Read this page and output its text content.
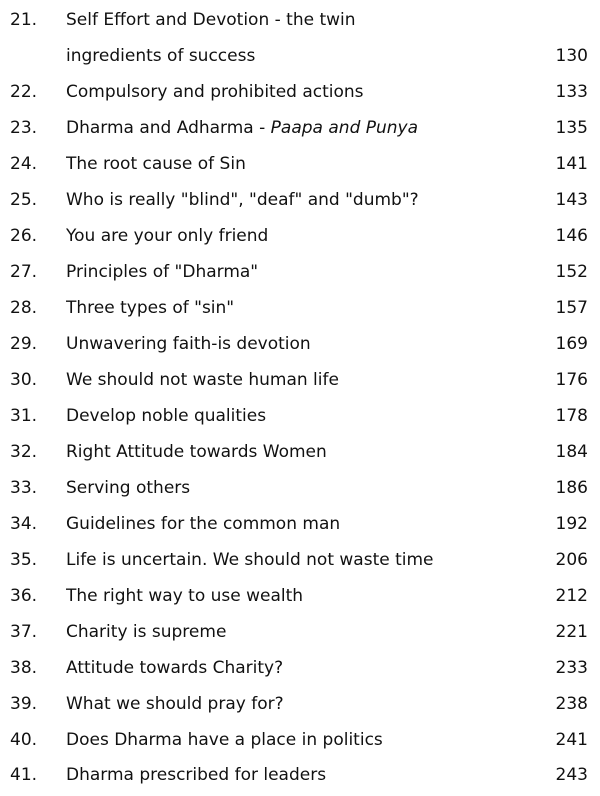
21.	Self Effort and Devotion - the twin
ingredients of success	130
22.	Compulsory and prohibited actions	133
23.	Dharma and Adharma - Paapa and Punya	135
24.	The root cause of Sin	141
25.	Who is really "blind", "deaf" and "dumb"?	143
26.	You are your only friend	146
27.	Principles of "Dharma"	152
28.	Three types of "sin"	157
29.	Unwavering faith-is devotion	169
30.	We should not waste human life	176
31.	Develop noble qualities	178
32.	Right Attitude towards Women	184
33.	Serving others	186
34.	Guidelines for the common man	192
35.	Life is uncertain. We should not waste time	206
36.	The right way to use wealth	212
37.	Charity is supreme	221
38.	Attitude towards Charity?	233
39.	What we should pray for?	238
40.	Does Dharma have a place in politics	241
41.	Dharma prescribed for leaders	243
